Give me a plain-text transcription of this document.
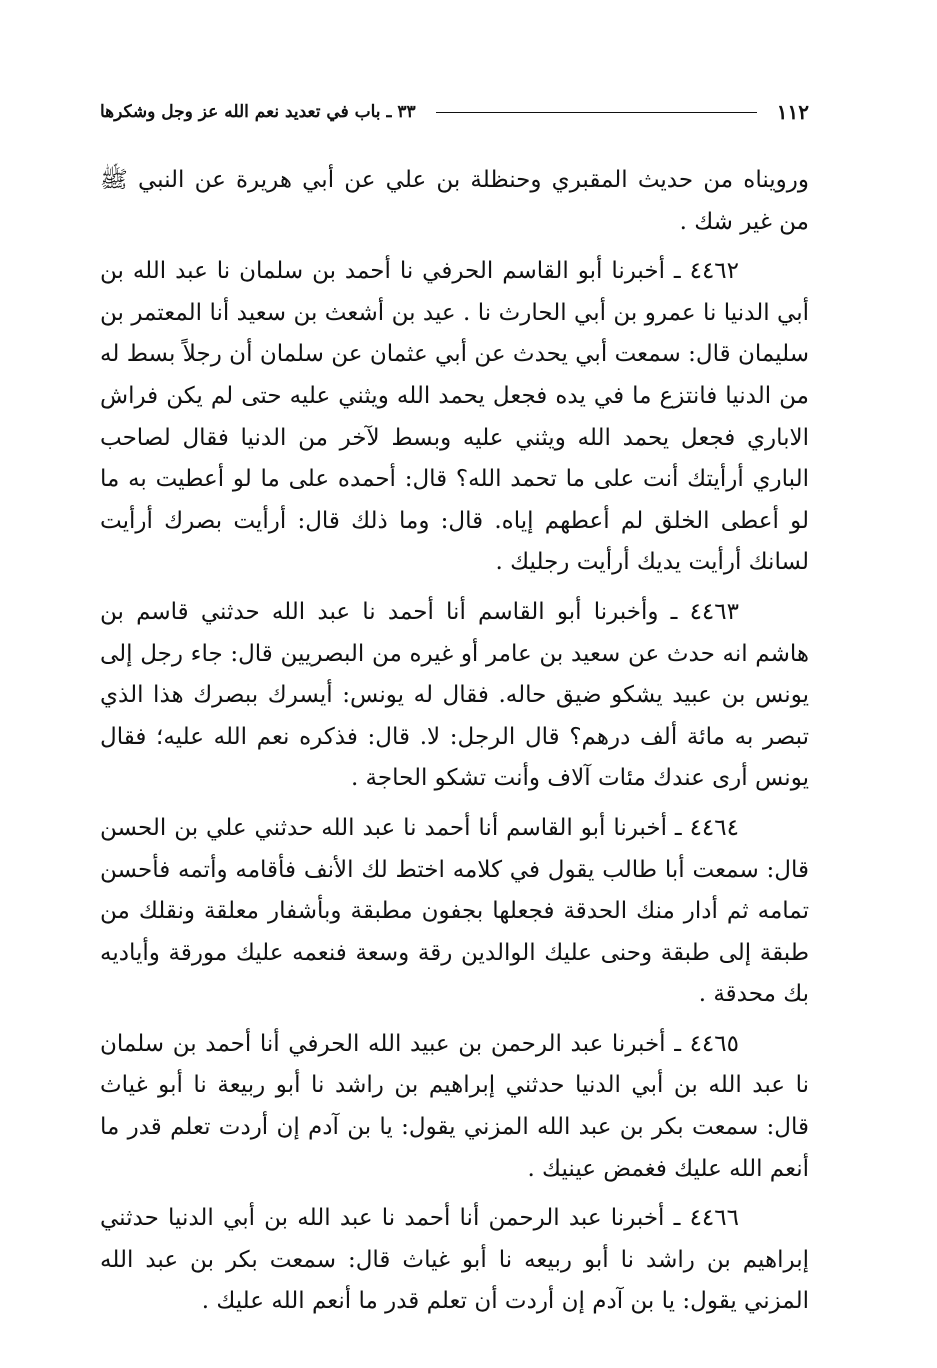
١١٢
٣٣ ـ باب في تعديد نعم الله عز وجل وشكرها

ورويناه من حديث المقبري وحنظلة بن علي عن أبي هريرة عن النبي ﷺ من غير شك .

٤٤٦٢ ـ أخبرنا أبو القاسم الحرفي نا أحمد بن سلمان نا عبد الله بن أبي الدنيا نا عمرو بن أبي الحارث نا . عيد بن أشعث بن سعيد أنا المعتمر بن سليمان قال: سمعت أبي يحدث عن أبي عثمان عن سلمان أن رجلاً بسط له من الدنيا فانتزع ما في يده فجعل يحمد الله ويثني عليه حتى لم يكن فراش الاباري فجعل يحمد الله ويثني عليه وبسط لآخر من الدنيا فقال لصاحب الباري أرأيتك أنت على ما تحمد الله؟ قال: أحمده على ما لو أعطيت به ما لو أعطى الخلق لم أعطهم إياه. قال: وما ذلك قال: أرأيت بصرك أرأيت لسانك أرأيت يديك أرأيت رجليك .

٤٤٦٣ ـ وأخبرنا أبو القاسم أنا أحمد نا عبد الله حدثني قاسم بن هاشم انه حدث عن سعيد بن عامر أو غيره من البصريين قال: جاء رجل إلى يونس بن عبيد يشكو ضيق حاله. فقال له يونس: أيسرك ببصرك هذا الذي تبصر به مائة ألف درهم؟ قال الرجل: لا. قال: فذكره نعم الله عليه؛ فقال يونس أرى عندك مئات آلاف وأنت تشكو الحاجة .

٤٤٦٤ ـ أخبرنا أبو القاسم أنا أحمد نا عبد الله حدثني علي بن الحسن قال: سمعت أبا طالب يقول في كلامه اختط لك الأنف فأقامه وأتمه فأحسن تمامه ثم أدار منك الحدقة فجعلها بجفون مطبقة وبأشفار معلقة ونقلك من طبقة إلى طبقة وحنى عليك الوالدين رقة وسعة فنعمه عليك مورقة وأياديه بك محدقة .

٤٤٦٥ ـ أخبرنا عبد الرحمن بن عبيد الله الحرفي أنا أحمد بن سلمان نا عبد الله بن أبي الدنيا حدثني إبراهيم بن راشد نا أبو ربيعة نا أبو غياث قال: سمعت بكر بن عبد الله المزني يقول: يا بن آدم إن أردت تعلم قدر ما أنعم الله عليك فغمض عينيك .

٤٤٦٦ ـ أخبرنا عبد الرحمن أنا أحمد نا عبد الله بن أبي الدنيا حدثني إبراهيم بن راشد نا أبو ربيعه نا أبو غياث قال: سمعت بكر بن عبد الله المزني يقول: يا بن آدم إن أردت أن تعلم قدر ما أنعم الله عليك .
